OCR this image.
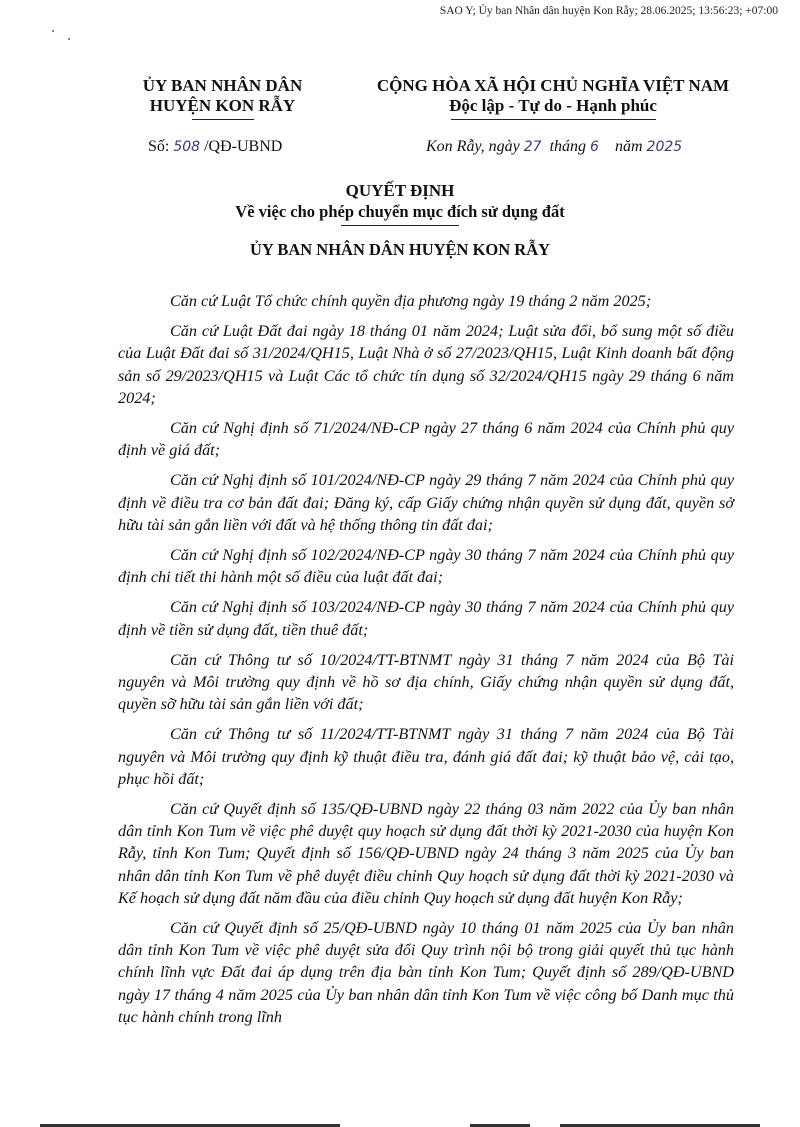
SAO Y; Ủy ban Nhân dân huyện Kon Rẫy; 28.06.2025; 13:56:23; +07:00
ỦY BAN NHÂN DÂN
HUYỆN KON RẪY
CỘNG HÒA XÃ HỘI CHỦ NGHĨA VIỆT NAM
Độc lập - Tự do - Hạnh phúc
Số: 508 /QĐ-UBND	Kon Rẫy, ngày 27 tháng 6 năm 2025
QUYẾT ĐỊNH
Về việc cho phép chuyển mục đích sử dụng đất
ỦY BAN NHÂN DÂN HUYỆN KON RẪY

Căn cứ Luật Tổ chức chính quyền địa phương ngày 19 tháng 2 năm 2025;

Căn cứ Luật Đất đai ngày 18 tháng 01 năm 2024; Luật sửa đổi, bổ sung một số điều của Luật Đất đai số 31/2024/QH15, Luật Nhà ở số 27/2023/QH15, Luật Kinh doanh bất động sản số 29/2023/QH15 và Luật Các tổ chức tín dụng số 32/2024/QH15 ngày 29 tháng 6 năm 2024;

Căn cứ Nghị định số 71/2024/NĐ-CP ngày 27 tháng 6 năm 2024 của Chính phủ quy định về giá đất;

Căn cứ Nghị định số 101/2024/NĐ-CP ngày 29 tháng 7 năm 2024 của Chính phủ quy định về điều tra cơ bản đất đai; Đăng ký, cấp Giấy chứng nhận quyền sử dụng đất, quyền sở hữu tài sản gắn liền với đất và hệ thống thông tin đất đai;

Căn cứ Nghị định số 102/2024/NĐ-CP ngày 30 tháng 7 năm 2024 của Chính phủ quy định chi tiết thi hành một số điều của luật đất đai;

Căn cứ Nghị định số 103/2024/NĐ-CP ngày 30 tháng 7 năm 2024 của Chính phủ quy định về tiền sử dụng đất, tiền thuê đất;

Căn cứ Thông tư số 10/2024/TT-BTNMT ngày 31 tháng 7 năm 2024 của Bộ Tài nguyên và Môi trường quy định về hồ sơ địa chính, Giấy chứng nhận quyền sử dụng đất, quyền sỡ hữu tài sản gắn liền với đất;

Căn cứ Thông tư số 11/2024/TT-BTNMT ngày 31 tháng 7 năm 2024 của Bộ Tài nguyên và Môi trường quy định kỹ thuật điều tra, đánh giá đất đai; kỹ thuật bảo vệ, cải tạo, phục hồi đất;

Căn cứ Quyết định số 135/QĐ-UBND ngày 22 tháng 03 năm 2022 của Ủy ban nhân dân tỉnh Kon Tum về việc phê duyệt quy hoạch sử dụng đất thời kỳ 2021-2030 của huyện Kon Rẫy, tỉnh Kon Tum; Quyết định số 156/QĐ-UBND ngày 24 tháng 3 năm 2025 của Ủy ban nhân dân tỉnh Kon Tum về phê duyệt điều chỉnh Quy hoạch sử dụng đất thời kỳ 2021-2030 và Kế hoạch sử dụng đất năm đầu của điều chỉnh Quy hoạch sử dụng đất huyện Kon Rẫy;

Căn cứ Quyết định số 25/QĐ-UBND ngày 10 tháng 01 năm 2025 của Ủy ban nhân dân tỉnh Kon Tum về việc phê duyệt sửa đổi Quy trình nội bộ trong giải quyết thủ tục hành chính lĩnh vực Đất đai áp dụng trên địa bàn tỉnh Kon Tum; Quyết định số 289/QĐ-UBND ngày 17 tháng 4 năm 2025 của Ủy ban nhân dân tỉnh Kon Tum về việc công bố Danh mục thủ tục hành chính trong lĩnh
